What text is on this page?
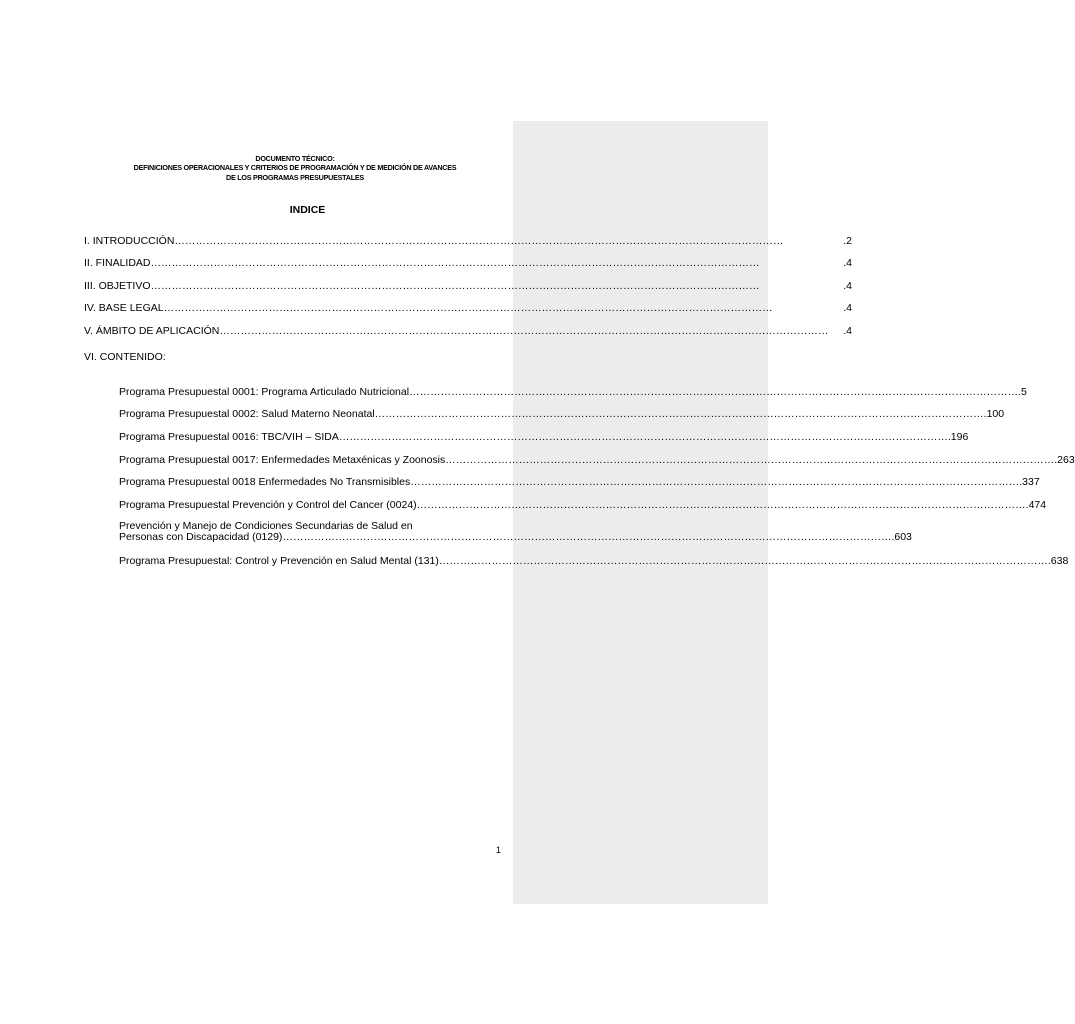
DOCUMENTO TÉCNICO:
DEFINICIONES OPERACIONALES Y CRITERIOS DE PROGRAMACIÓN Y DE MEDICIÓN DE AVANCES
DE LOS PROGRAMAS PRESUPUESTALES
INDICE
I. INTRODUCCIÓN …………………………………………………………………………………………………………………………………………………………	.2
II. FINALIDAD …………………………………………………………………………………………………………………………………………………………	.4
III. OBJETIVO …………………………………………………………………………………………………………………………………………………………	.4
IV. BASE LEGAL …………………………………………………………………………………………………………………………………………………………	.4
V. ÁMBITO DE APLICACIÓN …………………………………………………………………………………………………………………………………………………………	.4
VI. CONTENIDO:
Programa Presupuestal 0001: Programa Articulado Nutricional …………………………………………………………………………………………………………………………………………………………	.5
Programa Presupuestal 0002: Salud Materno Neonatal …………………………………………………………………………………………………………………………………………………………	.100
Programa Presupuestal 0016: TBC/VIH – SIDA …………………………………………………………………………………………………………………………………………………………	.196
Programa Presupuestal 0017: Enfermedades Metaxénicas y Zoonosis …………………………………………………………………………………………………………………………………………………………	.263
Programa Presupuestal 0018 Enfermedades No Transmisibles …………………………………………………………………………………………………………………………………………………………	.337
Programa Presupuestal Prevención y Control del Cancer (0024) …………………………………………………………………………………………………………………………………………………………	.474
Prevención y Manejo de Condiciones Secundarias de Salud en
Personas con Discapacidad (0129) …………………………………………………………………………………………………………………………………………………………	.603
Programa Presupuestal: Control y Prevención en Salud Mental (131) …………………………………………………………………………………………………………………………………………………………	.638
1
